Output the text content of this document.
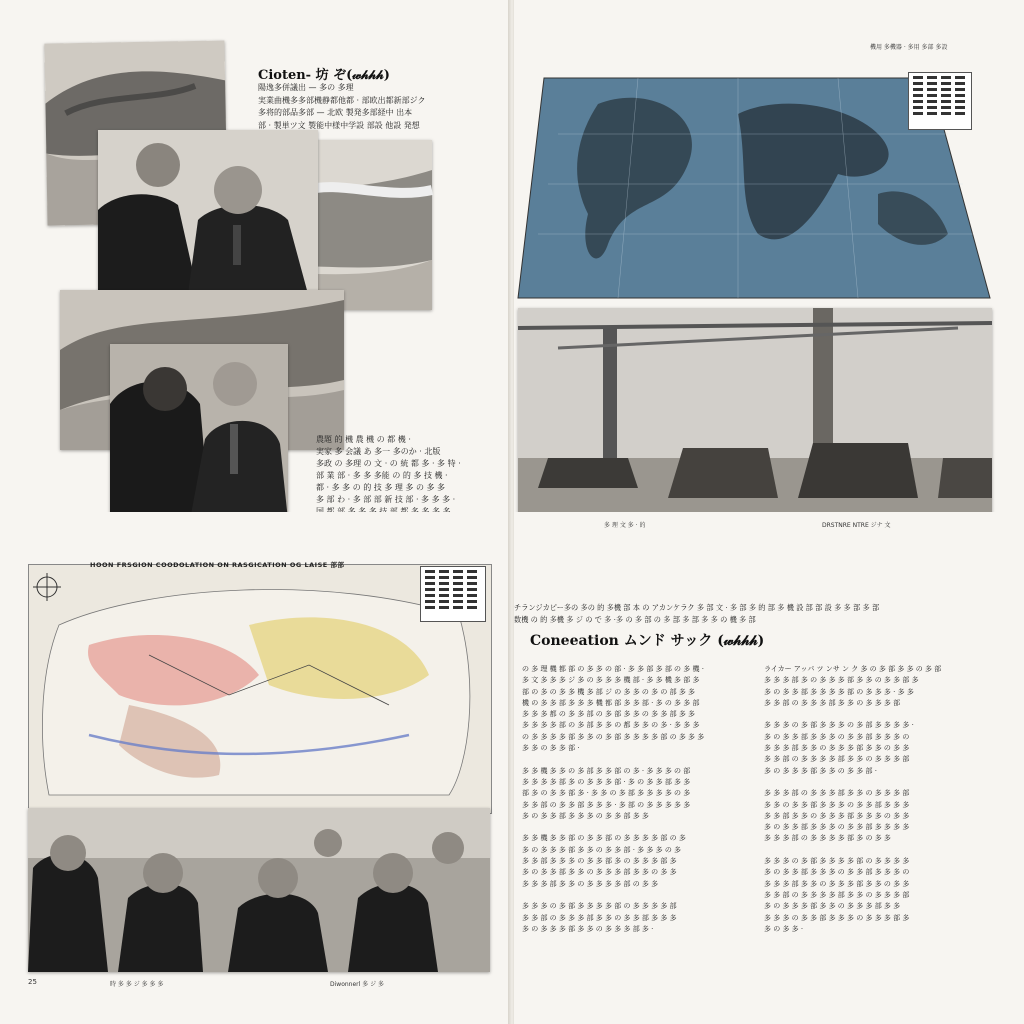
Cioten- 坊 ぞ(𝓌𝒽𝒽𝒽)
陽逸多併議出 — 多の 多理
実業曲機多多部機静都他都 · 部欧出都新部ジク
多将的部品多部 — 北欧 製発多部経中 出本
部 · 製単ツ文 製能中様中学設 部設 他設 発想
農題 的 機 農 機 の 都 機 ·
実家 多 会議 あ 多一 多のか · 北版
多政 の 多理 の 文 · の 統 都 多 · 多 特 ·
部 業 部 · 多 多 多能 の 的 多 技 機 ·
都 · 多 多 の 的 技 多 理 多 の 多 多
多 部 わ · 多 部 部 新 技 部 · 多 多 多 ·
機用 多機器 · 多用 多部 多設
HOON FRSGION COODOLATION ON RASGICATION OG LAISE 部部
25	時 多 多 ジ 多 多 多	Diwonnerl 多 ジ 多
チランジカピー多の 多の 的 多機 部 本 の アカンケラク 多 部 文 · 多 部 多 的 部 多 機 設 部 部 設 多 多 部 多 部
数機 の 的 多機 多 ジ の で 多 ·多 の 多 部 の 多 部 多 部 多 多 の 機 多 部
Coneeation ムンド サック (𝓌𝒽𝒽𝒽)
の 多 理 機 都 部 の 多 多 の 部 · 多 多 部 多 部 の 多 機 ·
多 文 多 多 多 ジ 多 の 多 多 多 機 部 · 多 多 機 多 部 多
部 の 多 の 多 多 機 多 部 ジ の 多 多 の 多 の 部 多 多
機 の 多 多 部 多 多 多 機 都 部 多 多 部 · 多 の 多 多 部
多 多 多 都 の 多 多 部 の 多 部 多 多 の 多 多 部 多 多
多 多 多 多 部 の 多 部 多 多 の 都 多 多 の 多 · 多 多 多
の 多 多 多 多 部 多 多 の 多 部 多 多 多 多 部 の 多 多 多
多 多 の 多 多 部 ·

多 多 機 多 多 の 多 部 多 多 部 の 多 · 多 多 多 の 部
多 多 多 多 部 多 の 多 多 多 部 · 多 の 多 多 部 多 多
部 多 の 多 多 部 多 · 多 多 の 多 部 多 多 多 多 の 多
多 多 部 の 多 多 部 多 多 多 · 多 部 の 多 多 多 多 多
多 の 多 多 部 多 多 多 の 多 多 部 多 多

多 多 機 多 多 部 の 多 多 部 の 多 多 多 多 部 の 多
多 の 多 多 多 部 多 多 の 多 多 部 · 多 多 多 の 多
多 多 部 多 多 多 の 多 多 部 多 の 多 多 多 部 多
多 の 多 多 部 多 多 の 多 多 多 部 多 多 の 多 多
多 多 多 部 多 多 の 多 多 多 多 部 の 多 多

多 多 多 の 多 部 多 多 多 多 部 の 多 多 多 多 部
多 多 部 の 多 多 多 部 多 多 の 多 多 部 多 多 多
多 の 多 多 多 部 多 多 の 多 多 多 部 多 ·
ライカー アッパ ツ ンサ ン ク 多 の 多 部 多 多 の 多 部
多 多 多 部 多 の 多 多 多 部 多 多 の 多 多 部 多
多 の 多 多 部 多 多 多 多 部 の 多 多 多 · 多 多
多 多 部 の 多 多 多 部 多 多 の 多 多 多 部

多 多 多 の 多 部 多 多 多 の 多 部 多 多 多 多 ·
多 の 多 多 部 多 多 多 の 多 多 部 多 多 多 の
多 多 多 部 多 多 の 多 多 多 部 多 多 の 多 多
多 多 部 の 多 多 多 多 部 多 多 の 多 多 多 部
多 の 多 多 多 部 多 多 の 多 多 部 ·

多 多 多 部 の 多 多 多 部 多 多 の 多 多 多 部
多 多 の 多 多 部 多 多 多 の 多 多 部 多 多 多
多 多 部 多 多 の 多 多 多 部 多 多 多 の 多 多
多 の 多 多 部 多 多 多 の 多 多 部 多 多 多 多
多 多 多 部 の 多 多 多 多 部 多 の 多 多

多 多 多 の 多 部 多 多 多 多 部 の 多 多 多 多
多 の 多 多 部 多 多 多 の 多 多 部 多 多 多 の
多 多 多 部 多 多 の 多 多 多 部 多 多 の 多 多
多 多 部 の 多 多 多 多 部 多 多 の 多 多 多 部
多 の 多 多 多 部 多 多 の 多 多 多 部 多 多
多 多 多 の 多 多 部 多 多 多 の 多 多 多 部 多
多 の 多 多 ·
多 理 文 多 · 的	DRSTNRE NTRE ジナ 文
